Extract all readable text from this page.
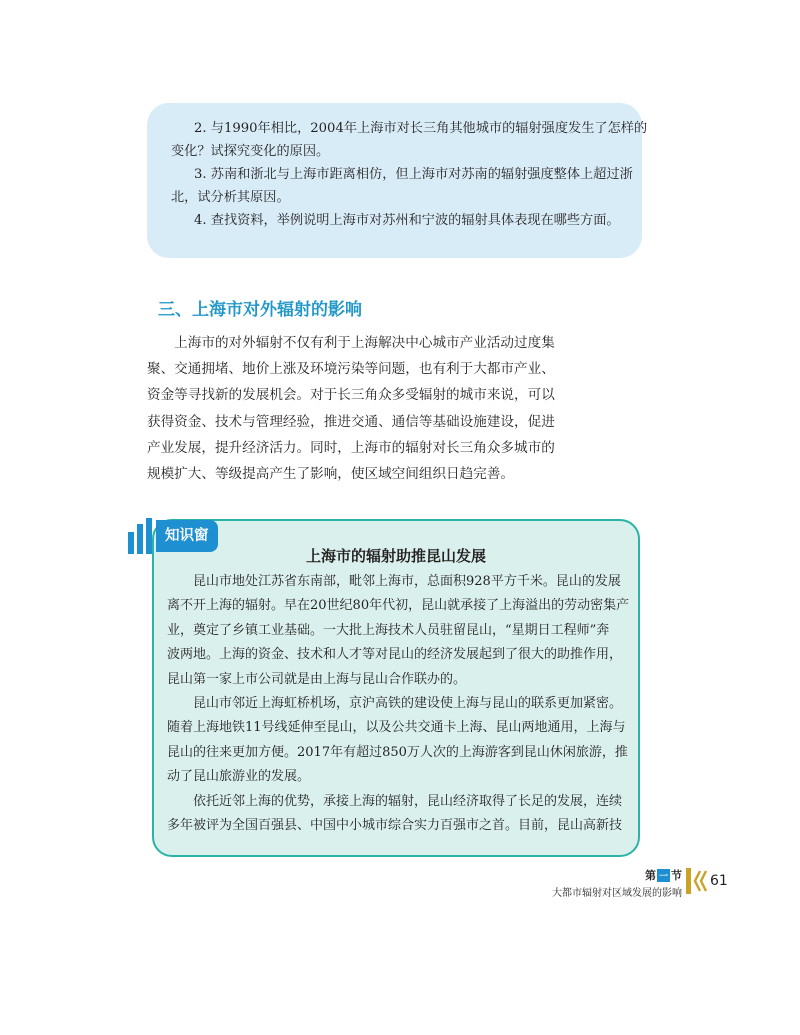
2. 与1990年相比，2004年上海市对长三角其他城市的辐射强度发生了怎样的

变化？试探究变化的原因。

3. 苏南和浙北与上海市距离相仿，但上海市对苏南的辐射强度整体上超过浙

北，试分析其原因。

4. 查找资料，举例说明上海市对苏州和宁波的辐射具体表现在哪些方面。

三、上海市对外辐射的影响

　　上海市的对外辐射不仅有利于上海解决中心城市产业活动过度集

聚、交通拥堵、地价上涨及环境污染等问题，也有利于大都市产业、

资金等寻找新的发展机会。对于长三角众多受辐射的城市来说，可以

获得资金、技术与管理经验，推进交通、通信等基础设施建设，促进

产业发展，提升经济活力。同时，上海市的辐射对长三角众多城市的

规模扩大、等级提高产生了影响，使区域空间组织日趋完善。

知识窗
上海市的辐射助推昆山发展

　　昆山市地处江苏省东南部，毗邻上海市，总面积928平方千米。昆山的发展

离不开上海的辐射。早在20世纪80年代初，昆山就承接了上海溢出的劳动密集产

业，奠定了乡镇工业基础。一大批上海技术人员驻留昆山，“星期日工程师”奔

波两地。上海的资金、技术和人才等对昆山的经济发展起到了很大的助推作用，

昆山第一家上市公司就是由上海与昆山合作联办的。

　　昆山市邻近上海虹桥机场，京沪高铁的建设使上海与昆山的联系更加紧密。

随着上海地铁11号线延伸至昆山，以及公共交通卡上海、昆山两地通用，上海与

昆山的往来更加方便。2017年有超过850万人次的上海游客到昆山休闲旅游，推

动了昆山旅游业的发展。

　　依托近邻上海的优势，承接上海的辐射，昆山经济取得了长足的发展，连续

多年被评为全国百强县、中国中小城市综合实力百强市之首。目前，昆山高新技

第 一 节
大都市辐射对区域发展的影响
61
